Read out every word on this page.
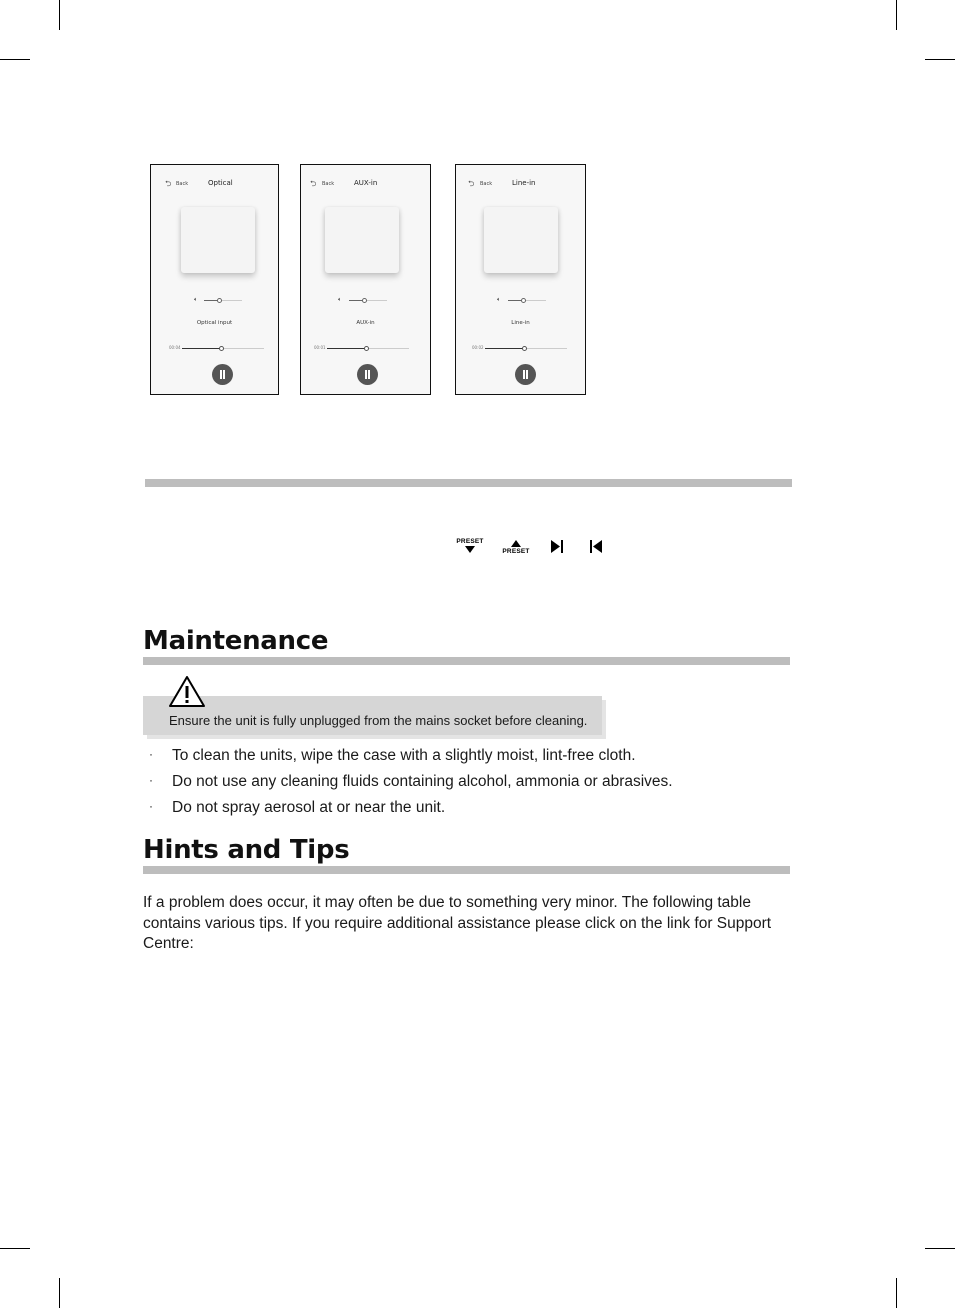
⮌ Back	Optical
🔈︎
Optical input
00:04
⮌ Back	AUX-in
🔈︎
AUX-in
00:01
⮌ Back	Line-in
🔈︎
Line-in
00:02
PRESET
PRESET
Maintenance
Ensure the unit is fully unplugged from the mains socket before cleaning.
· To clean the units, wipe the case with a slightly moist, lint-free cloth.
· Do not use any cleaning fluids containing alcohol, ammonia or abrasives.
· Do not spray aerosol at or near the unit.
Hints and Tips

If a problem does occur, it may often be due to something very minor. The following table contains various tips. If you require additional assistance please click on the link for Support Centre:
